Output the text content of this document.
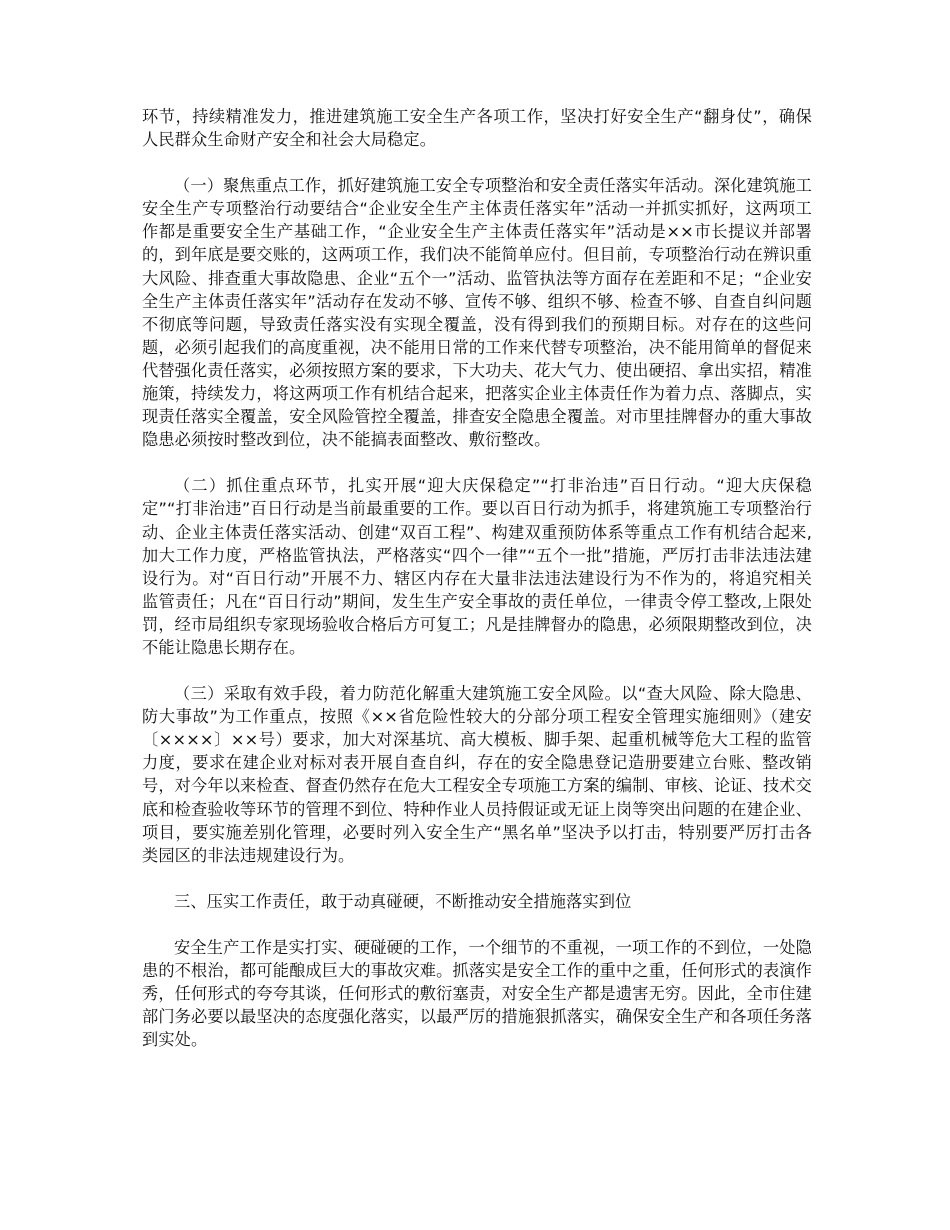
环节，持续精准发力，推进建筑施工安全生产各项工作，坚决打好安全生产“翻身仗”，确保人民群众生命财产安全和社会大局稳定。

（一）聚焦重点工作，抓好建筑施工安全专项整治和安全责任落实年活动。深化建筑施工安全生产专项整治行动要结合“企业安全生产主体责任落实年”活动一并抓实抓好，这两项工作都是重要安全生产基础工作，“企业安全生产主体责任落实年”活动是××市长提议并部署的，到年底是要交账的，这两项工作，我们决不能简单应付。但目前，专项整治行动在辨识重大风险、排查重大事故隐患、企业“五个一”活动、监管执法等方面存在差距和不足；“企业安全生产主体责任落实年”活动存在发动不够、宣传不够、组织不够、检查不够、自查自纠问题不彻底等问题，导致责任落实没有实现全覆盖，没有得到我们的预期目标。对存在的这些问题，必须引起我们的高度重视，决不能用日常的工作来代替专项整治，决不能用简单的督促来代替强化责任落实，必须按照方案的要求，下大功夫、花大气力、使出硬招、拿出实招，精准施策，持续发力，将这两项工作有机结合起来，把落实企业主体责任作为着力点、落脚点，实现责任落实全覆盖，安全风险管控全覆盖，排查安全隐患全覆盖。对市里挂牌督办的重大事故隐患必须按时整改到位，决不能搞表面整改、敷衍整改。

（二）抓住重点环节，扎实开展“迎大庆保稳定”“打非治违”百日行动。“迎大庆保稳定”“打非治违”百日行动是当前最重要的工作。要以百日行动为抓手，将建筑施工专项整治行动、企业主体责任落实活动、创建“双百工程”、构建双重预防体系等重点工作有机结合起来,加大工作力度，严格监管执法，严格落实“四个一律”“五个一批”措施，严厉打击非法违法建设行为。对“百日行动”开展不力、辖区内存在大量非法违法建设行为不作为的，将追究相关监管责任；凡在“百日行动”期间，发生生产安全事故的责任单位，一律责令停工整改,上限处罚，经市局组织专家现场验收合格后方可复工；凡是挂牌督办的隐患，必须限期整改到位，决不能让隐患长期存在。

（三）采取有效手段，着力防范化解重大建筑施工安全风险。以“查大风险、除大隐患、防大事故”为工作重点，按照《××省危险性较大的分部分项工程安全管理实施细则》（建安〔××××〕××号）要求，加大对深基坑、高大模板、脚手架、起重机械等危大工程的监管力度，要求在建企业对标对表开展自查自纠，存在的安全隐患登记造册要建立台账、整改销号，对今年以来检查、督查仍然存在危大工程安全专项施工方案的编制、审核、论证、技术交底和检查验收等环节的管理不到位、特种作业人员持假证或无证上岗等突出问题的在建企业、项目，要实施差别化管理，必要时列入安全生产“黑名单”坚决予以打击，特别要严厉打击各类园区的非法违规建设行为。

三、压实工作责任，敢于动真碰硬，不断推动安全措施落实到位

安全生产工作是实打实、硬碰硬的工作，一个细节的不重视，一项工作的不到位，一处隐患的不根治，都可能酿成巨大的事故灾难。抓落实是安全工作的重中之重，任何形式的表演作秀，任何形式的夸夸其谈，任何形式的敷衍塞责，对安全生产都是遗害无穷。因此，全市住建部门务必要以最坚决的态度强化落实，以最严厉的措施狠抓落实，确保安全生产和各项任务落到实处。
